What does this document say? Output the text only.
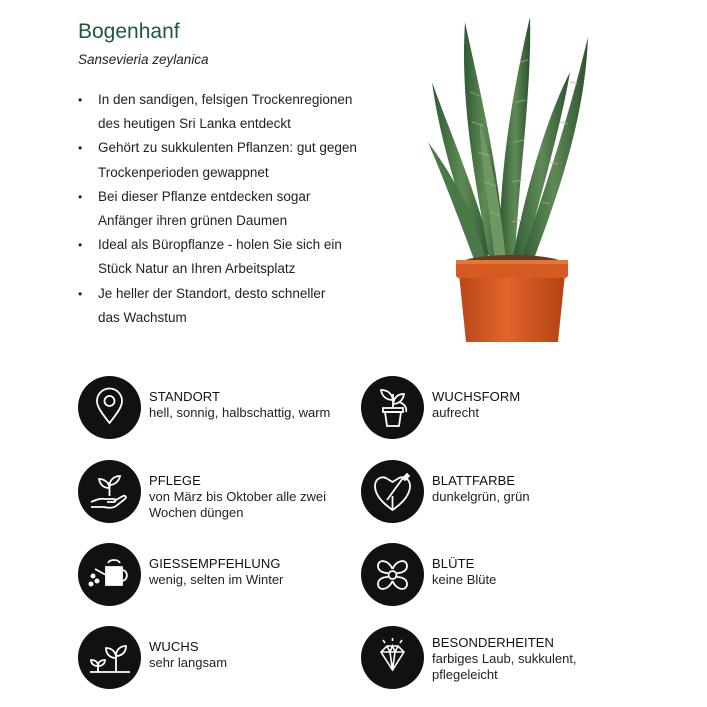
Bogenhanf
Sansevieria zeylanica
• In den sandigen, felsigen Trockenregionen
des heutigen Sri Lanka entdeckt
• Gehört zu sukkulenten Pflanzen: gut gegen
Trockenperioden gewappnet
• Bei dieser Pflanze entdecken sogar
Anfänger ihren grünen Daumen
• Ideal als Büropflanze - holen Sie sich ein
Stück Natur an Ihren Arbeitsplatz
• Je heller der Standort, desto schneller
das Wachstum
STANDORT
hell, sonnig, halbschattig, warm
WUCHSFORM
aufrecht
PFLEGE
von März bis Oktober alle zwei
Wochen düngen
BLATTFARBE
dunkelgrün, grün
GIESSEMPFEHLUNG
wenig, selten im Winter
BLÜTE
keine Blüte
WUCHS
sehr langsam
BESONDERHEITEN
farbiges Laub, sukkulent,
pflegeleicht
